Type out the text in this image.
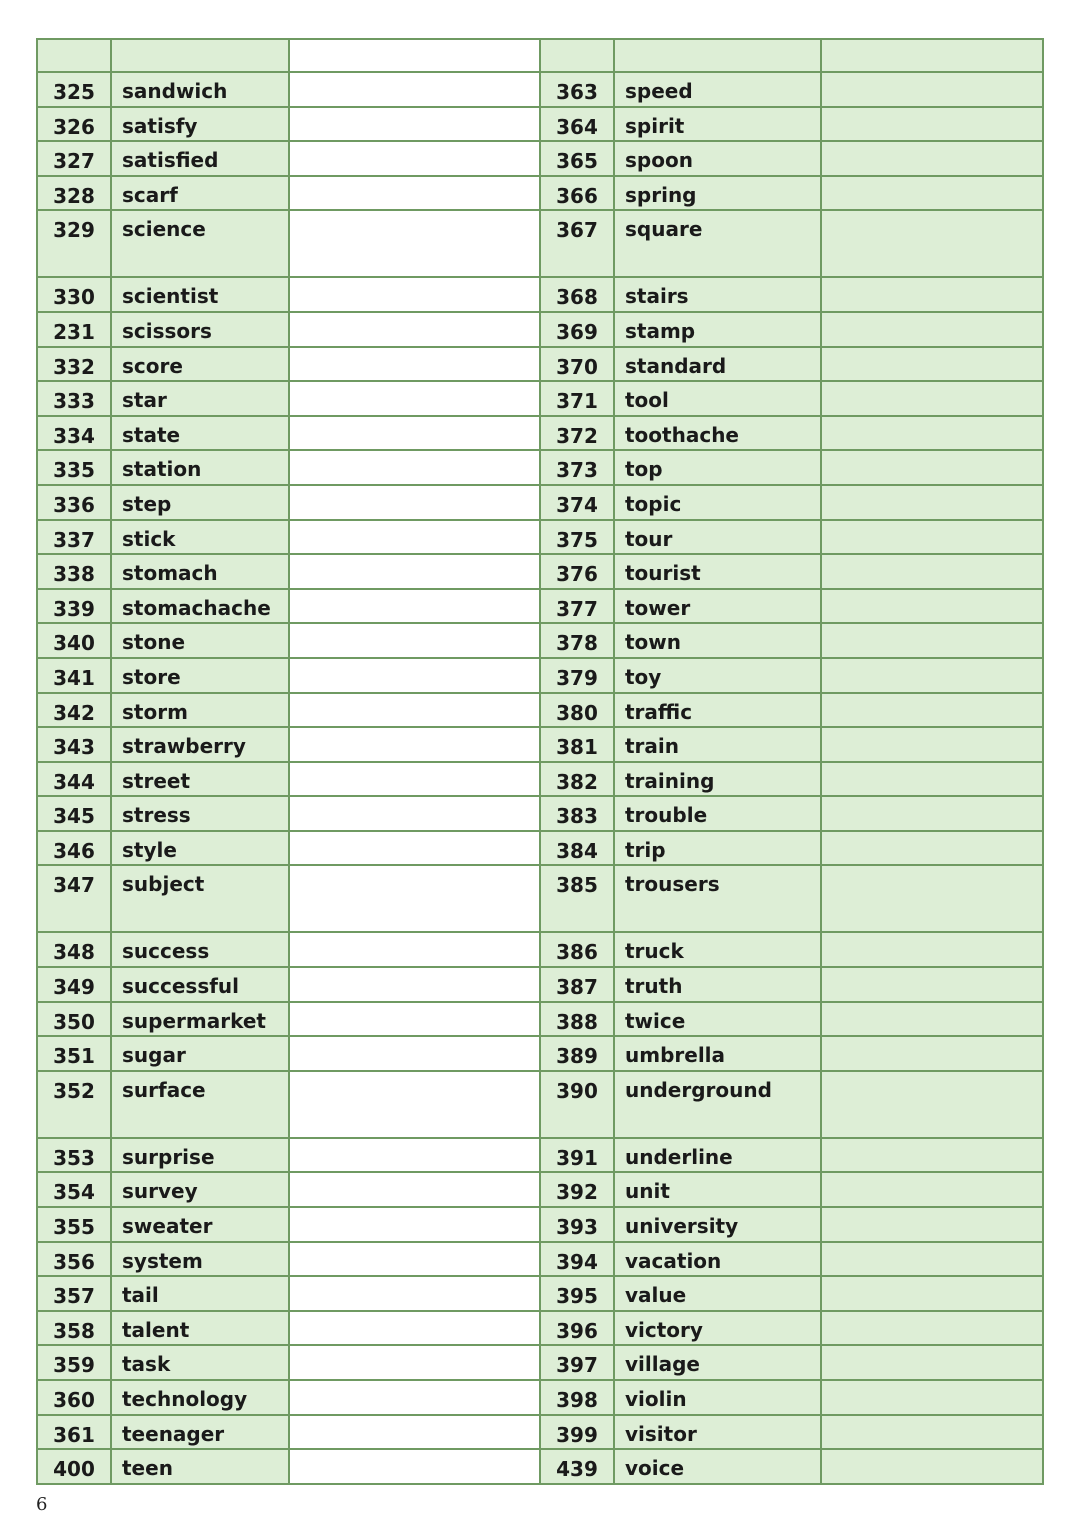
325	sandwich		363	speed	
326	satisfy		364	spirit	
327	satisfied		365	spoon	
328	scarf		366	spring	
329	science		367	square	
330	scientist		368	stairs	
231	scissors		369	stamp	
332	score		370	standard	
333	star		371	tool	
334	state		372	toothache	
335	station		373	top	
336	step		374	topic	
337	stick		375	tour	
338	stomach		376	tourist	
339	stomachache		377	tower	
340	stone		378	town	
341	store		379	toy	
342	storm		380	traffic	
343	strawberry		381	train	
344	street		382	training	
345	stress		383	trouble	
346	style		384	trip	
347	subject		385	trousers	
348	success		386	truck	
349	successful		387	truth	
350	supermarket		388	twice	
351	sugar		389	umbrella	
352	surface		390	underground	
353	surprise		391	underline	
354	survey		392	unit	
355	sweater		393	university	
356	system		394	vacation	
357	tail		395	value	
358	talent		396	victory	
359	task		397	village	
360	technology		398	violin	
361	teenager		399	visitor	
400	teen		439	voice	
6
